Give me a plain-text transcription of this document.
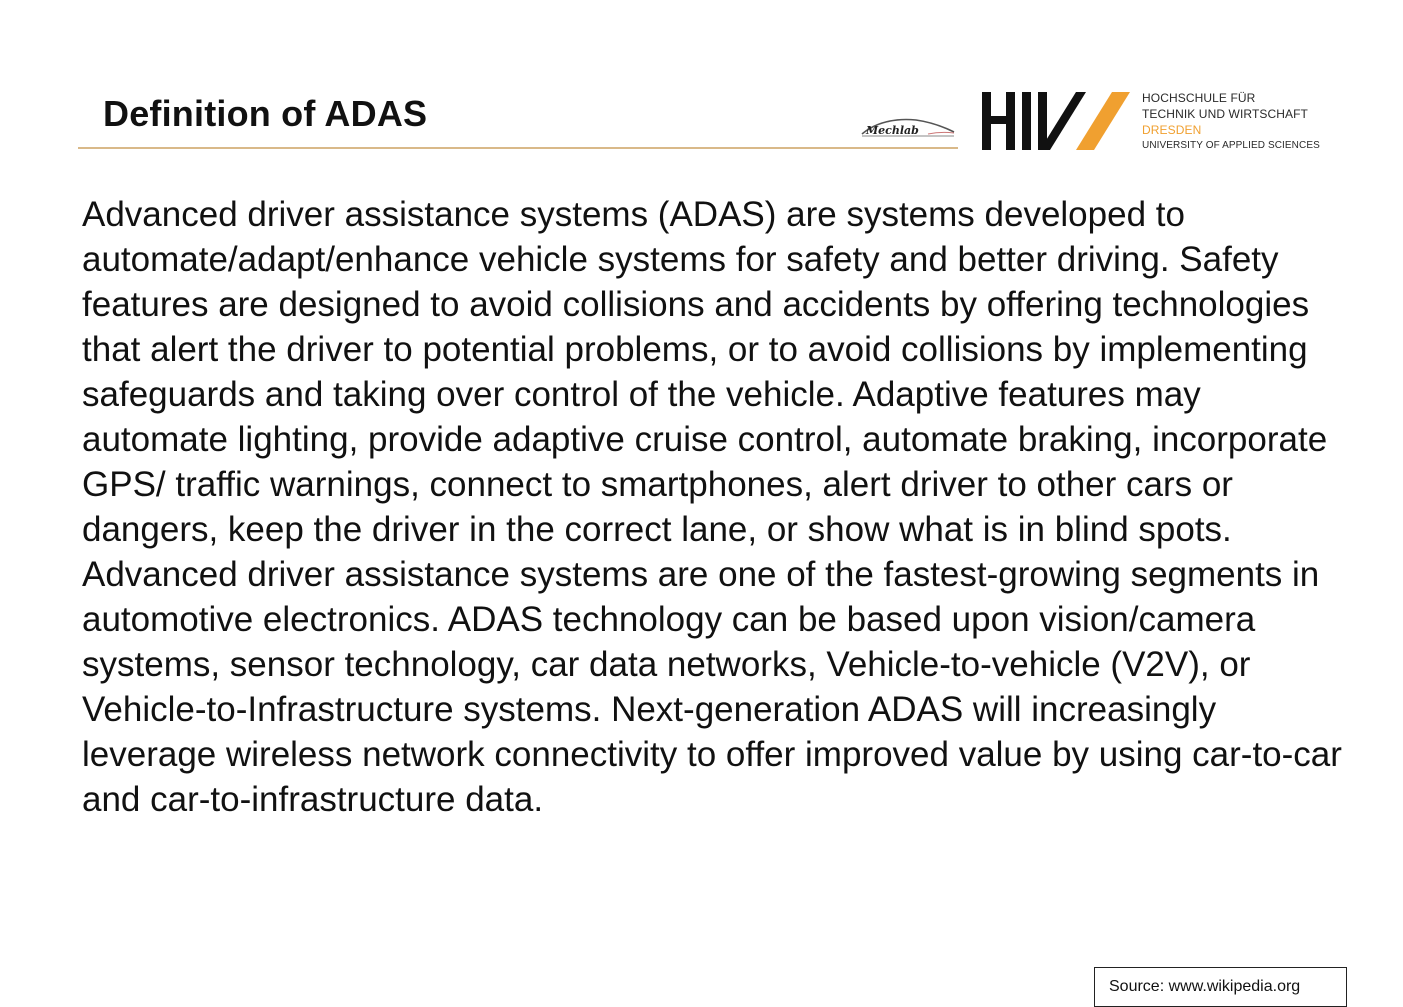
Definition of ADAS	Mechlab
HOCHSCHULE FÜR
TECHNIK UND WIRTSCHAFT
DRESDEN
UNIVERSITY OF APPLIED SCIENCES

Advanced driver assistance systems (ADAS) are systems developed to automate/adapt/enhance vehicle systems for safety and better driving. Safety features are designed to avoid collisions and accidents by offering technologies that alert the driver to potential problems, or to avoid collisions by implementing safeguards and taking over control of the vehicle. Adaptive features may automate lighting, provide adaptive cruise control, automate braking, incorporate GPS/ traffic warnings, connect to smartphones, alert driver to other cars or dangers, keep the driver in the correct lane, or show what is in blind spots.

Advanced driver assistance systems are one of the fastest-growing segments in automotive electronics. ADAS technology can be based upon vision/camera systems, sensor technology, car data networks, Vehicle-to-vehicle (V2V), or Vehicle-to-Infrastructure systems. Next-generation ADAS will increasingly leverage wireless network connectivity to offer improved value by using car-to-car and car-to-infrastructure data.

Source: www.wikipedia.org
